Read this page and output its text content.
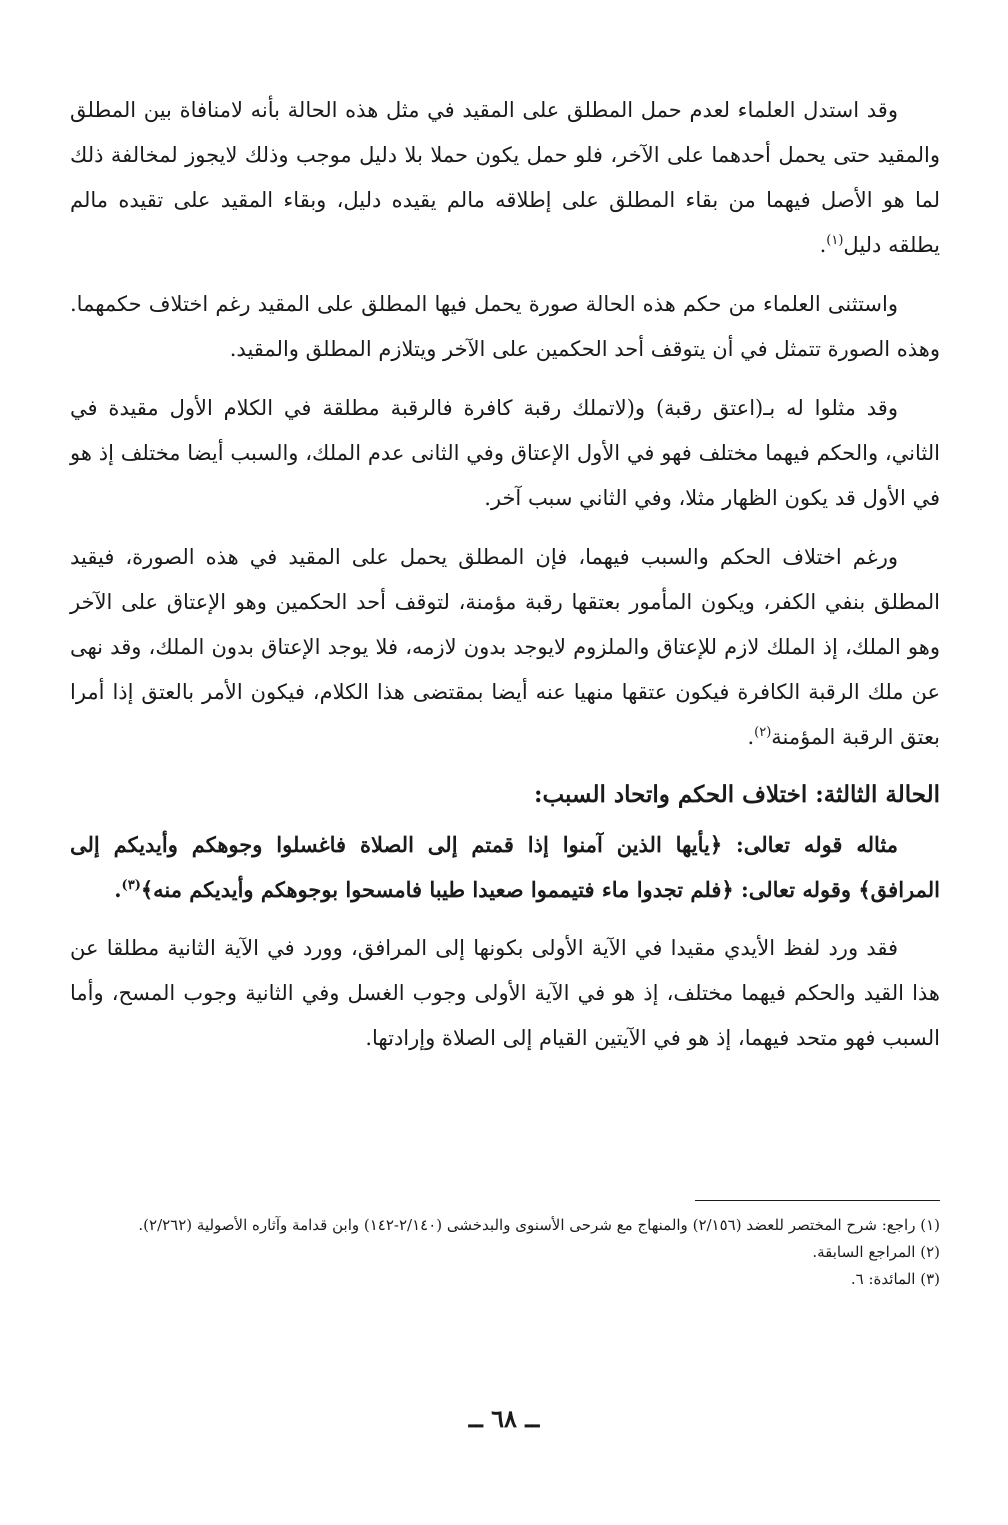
وقد استدل العلماء لعدم حمل المطلق على المقيد في مثل هذه الحالة بأنه لامنافاة بين المطلق والمقيد حتى يحمل أحدهما على الآخر، فلو حمل يكون حملا بلا دليل موجب وذلك لايجوز لمخالفة ذلك لما هو الأصل فيهما من بقاء المطلق على إطلاقه مالم يقيده دليل، وبقاء المقيد على تقيده مالم يطلقه دليل$^{(١)}$.

واستثنى العلماء من حكم هذه الحالة صورة يحمل فيها المطلق على المقيد رغم اختلاف حكمهما. وهذه الصورة تتمثل في أن يتوقف أحد الحكمين على الآخر ويتلازم المطلق والمقيد.

وقد مثلوا له بـ(اعتق رقبة) و(لاتملك رقبة كافرة فالرقبة مطلقة في الكلام الأول مقيدة في الثاني، والحكم فيهما مختلف فهو في الأول الإعتاق وفي الثانى عدم الملك، والسبب أيضا مختلف إذ هو في الأول قد يكون الظهار مثلا، وفي الثاني سبب آخر.

ورغم اختلاف الحكم والسبب فيهما، فإن المطلق يحمل على المقيد في هذه الصورة، فيقيد المطلق بنفي الكفر، ويكون المأمور بعتقها رقبة مؤمنة، لتوقف أحد الحكمين وهو الإعتاق على الآخر وهو الملك، إذ الملك لازم للإعتاق والملزوم لايوجد بدون لازمه، فلا يوجد الإعتاق بدون الملك، وقد نهى عن ملك الرقبة الكافرة فيكون عتقها منهيا عنه أيضا بمقتضى هذا الكلام، فيكون الأمر بالعتق إذا أمرا بعتق الرقبة المؤمنة$^{(٢)}$.

الحالة الثالثة: اختلاف الحكم واتحاد السبب:

مثاله قوله تعالى: ﴿يأيها الذين آمنوا إذا قمتم إلى الصلاة فاغسلوا وجوهكم وأيديكم إلى المرافق﴾ وقوله تعالى: ﴿فلم تجدوا ماء فتيمموا صعيدا طيبا فامسحوا بوجوهكم وأيديكم منه﴾$^{(٣)}$.

فقد ورد لفظ الأيدي مقيدا في الآية الأولى بكونها إلى المرافق، وورد في الآية الثانية مطلقا عن هذا القيد والحكم فيهما مختلف، إذ هو في الآية الأولى وجوب الغسل وفي الثانية وجوب المسح، وأما السبب فهو متحد فيهما، إذ هو في الآيتين القيام إلى الصلاة وإرادتها.

(١) راجع: شرح المختصر للعضد (٢/١٥٦) والمنهاج مع شرحى الأسنوى والبدخشى (٢/١٤٠-١٤٢) وابن قدامة وآثاره الأصولية (٢/٢٦٢).

(٢) المراجع السابقة.

(٣) المائدة: ٦.

ــ ٦٨ ــ
